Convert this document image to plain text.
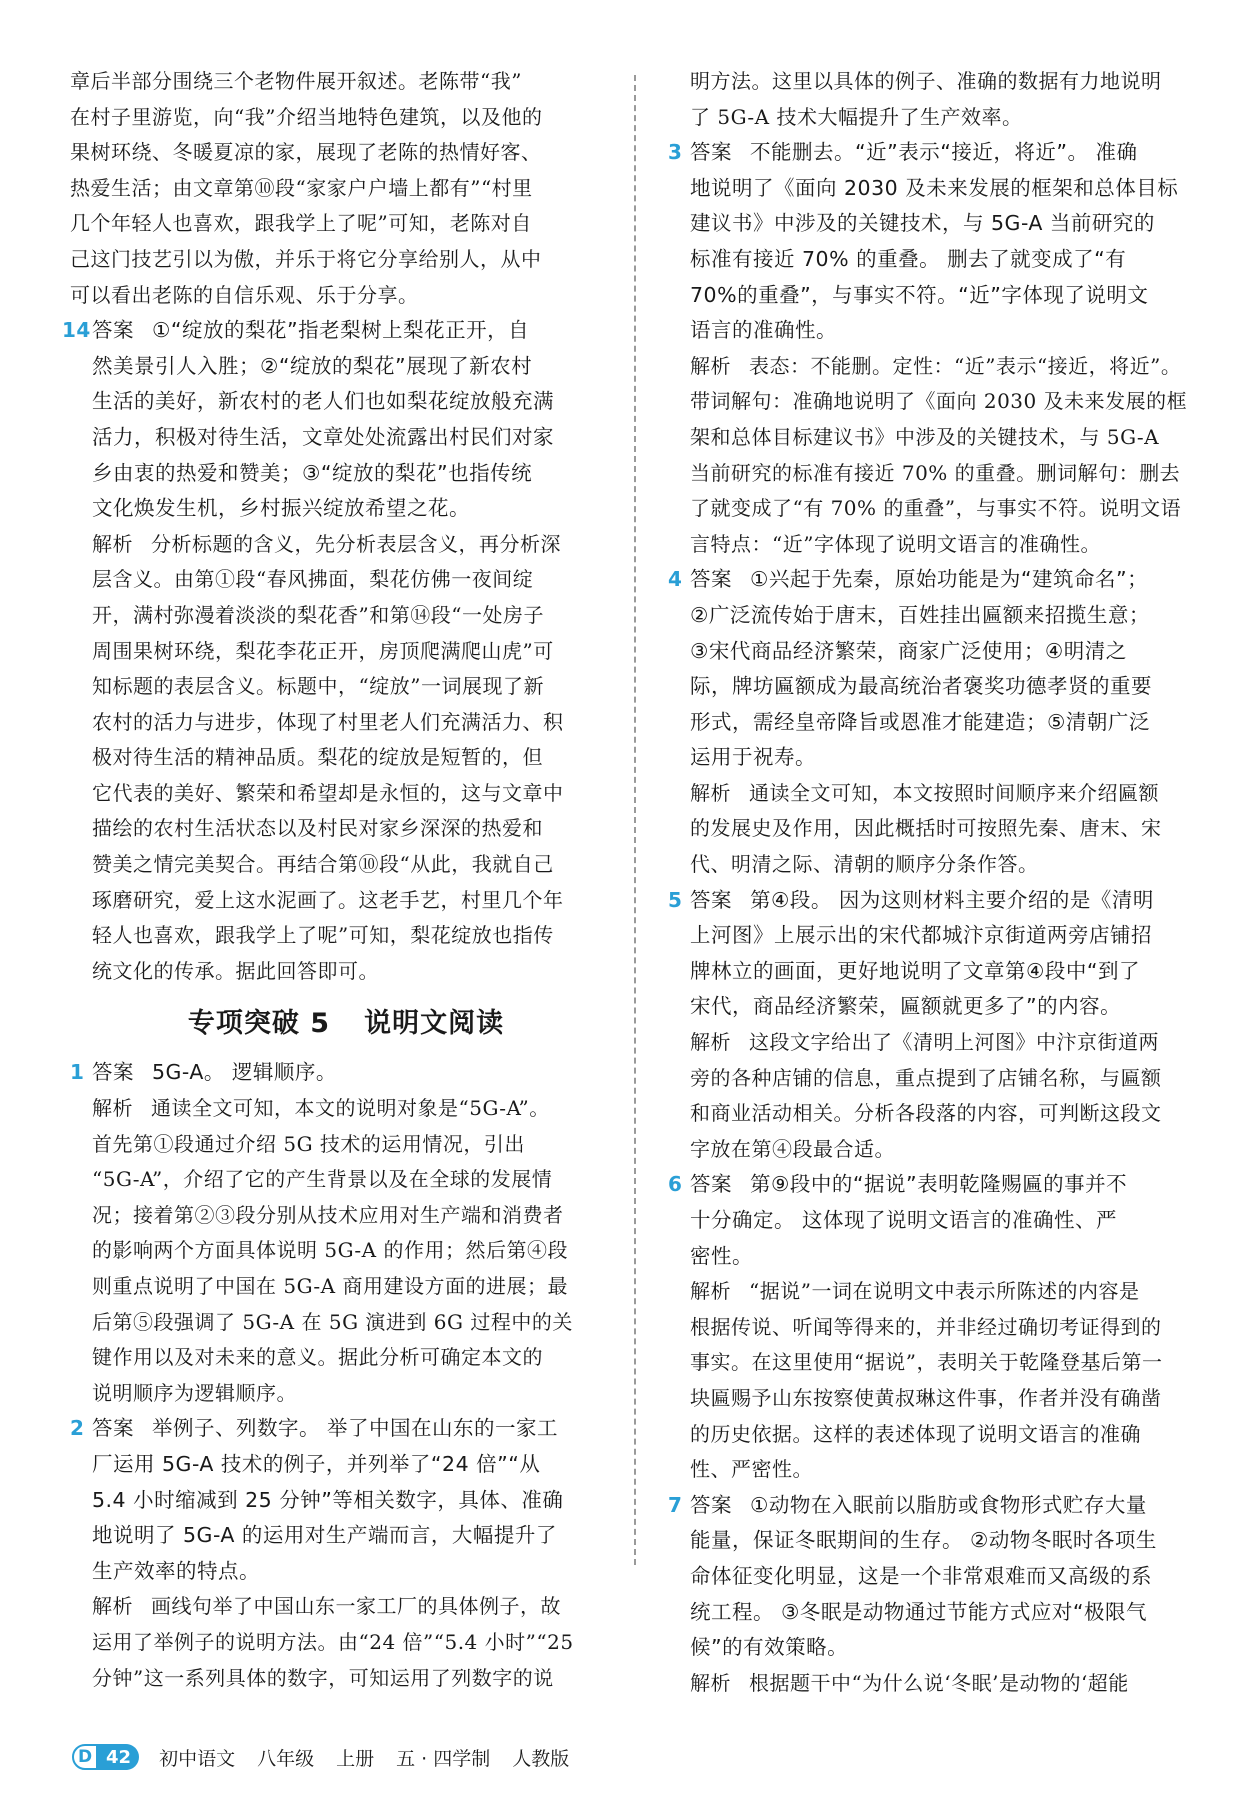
章后半部分围绕三个老物件展开叙述。老陈带“我”
在村子里游览，向“我”介绍当地特色建筑，以及他的
果树环绕、冬暖夏凉的家，展现了老陈的热情好客、
热爱生活；由文章第⑩段“家家户户墙上都有”“村里
几个年轻人也喜欢，跟我学上了呢”可知，老陈对自
己这门技艺引以为傲，并乐于将它分享给别人，从中
可以看出老陈的自信乐观、乐于分享。
14 答案 ①“绽放的梨花”指老梨树上梨花正开，自
然美景引人入胜；②“绽放的梨花”展现了新农村
生活的美好，新农村的老人们也如梨花绽放般充满
活力，积极对待生活，文章处处流露出村民们对家
乡由衷的热爱和赞美；③“绽放的梨花”也指传统
文化焕发生机，乡村振兴绽放希望之花。
解析 分析标题的含义，先分析表层含义，再分析深
层含义。由第①段“春风拂面，梨花仿佛一夜间绽
开，满村弥漫着淡淡的梨花香”和第⑭段“一处房子
周围果树环绕，梨花李花正开，房顶爬满爬山虎”可
知标题的表层含义。标题中，“绽放”一词展现了新
农村的活力与进步，体现了村里老人们充满活力、积
极对待生活的精神品质。梨花的绽放是短暂的，但
它代表的美好、繁荣和希望却是永恒的，这与文章中
描绘的农村生活状态以及村民对家乡深深的热爱和
赞美之情完美契合。再结合第⑩段“从此，我就自己
琢磨研究，爱上这水泥画了。这老手艺，村里几个年
轻人也喜欢，跟我学上了呢”可知，梨花绽放也指传
统文化的传承。据此回答即可。
专项突破 5 说明文阅读
1 答案 5G-A。 逻辑顺序。
解析 通读全文可知，本文的说明对象是“5G-A”。
首先第①段通过介绍 5G 技术的运用情况，引出
“5G-A”，介绍了它的产生背景以及在全球的发展情
况；接着第②③段分别从技术应用对生产端和消费者
的影响两个方面具体说明 5G-A 的作用；然后第④段
则重点说明了中国在 5G-A 商用建设方面的进展；最
后第⑤段强调了 5G-A 在 5G 演进到 6G 过程中的关
键作用以及对未来的意义。据此分析可确定本文的
说明顺序为逻辑顺序。
2 答案 举例子、列数字。 举了中国在山东的一家工
厂运用 5G-A 技术的例子，并列举了“24 倍”“从
5.4 小时缩减到 25 分钟”等相关数字，具体、准确
地说明了 5G-A 的运用对生产端而言，大幅提升了
生产效率的特点。
解析 画线句举了中国山东一家工厂的具体例子，故
运用了举例子的说明方法。由“24 倍”“5.4 小时”“25
分钟”这一系列具体的数字，可知运用了列数字的说
明方法。这里以具体的例子、准确的数据有力地说明
了 5G-A 技术大幅提升了生产效率。
3 答案 不能删去。“近”表示“接近，将近”。 准确
地说明了《面向 2030 及未来发展的框架和总体目标
建议书》中涉及的关键技术，与 5G-A 当前研究的
标准有接近 70% 的重叠。 删去了就变成了“有
70%的重叠”，与事实不符。“近”字体现了说明文
语言的准确性。
解析 表态：不能删。定性：“近”表示“接近，将近”。
带词解句：准确地说明了《面向 2030 及未来发展的框
架和总体目标建议书》中涉及的关键技术，与 5G-A
当前研究的标准有接近 70% 的重叠。删词解句：删去
了就变成了“有 70% 的重叠”，与事实不符。说明文语
言特点：“近”字体现了说明文语言的准确性。
4 答案 ①兴起于先秦，原始功能是为“建筑命名”；
②广泛流传始于唐末，百姓挂出匾额来招揽生意；
③宋代商品经济繁荣，商家广泛使用；④明清之
际，牌坊匾额成为最高统治者褒奖功德孝贤的重要
形式，需经皇帝降旨或恩准才能建造；⑤清朝广泛
运用于祝寿。
解析 通读全文可知，本文按照时间顺序来介绍匾额
的发展史及作用，因此概括时可按照先秦、唐末、宋
代、明清之际、清朝的顺序分条作答。
5 答案 第④段。 因为这则材料主要介绍的是《清明
上河图》上展示出的宋代都城汴京街道两旁店铺招
牌林立的画面，更好地说明了文章第④段中“到了
宋代，商品经济繁荣，匾额就更多了”的内容。
解析 这段文字给出了《清明上河图》中汴京街道两
旁的各种店铺的信息，重点提到了店铺名称，与匾额
和商业活动相关。分析各段落的内容，可判断这段文
字放在第④段最合适。
6 答案 第⑨段中的“据说”表明乾隆赐匾的事并不
十分确定。 这体现了说明文语言的准确性、严
密性。
解析 “据说”一词在说明文中表示所陈述的内容是
根据传说、听闻等得来的，并非经过确切考证得到的
事实。在这里使用“据说”，表明关于乾隆登基后第一
块匾赐予山东按察使黄叔琳这件事，作者并没有确凿
的历史依据。这样的表述体现了说明文语言的准确
性、严密性。
7 答案 ①动物在入眠前以脂肪或食物形式贮存大量
能量，保证冬眠期间的生存。 ②动物冬眠时各项生
命体征变化明显，这是一个非常艰难而又高级的系
统工程。 ③冬眠是动物通过节能方式应对“极限气
候”的有效策略。
解析 根据题干中“为什么说‘冬眠’是动物的‘超能
D 42	初中语文 八年级 上册 五 · 四学制 人教版
